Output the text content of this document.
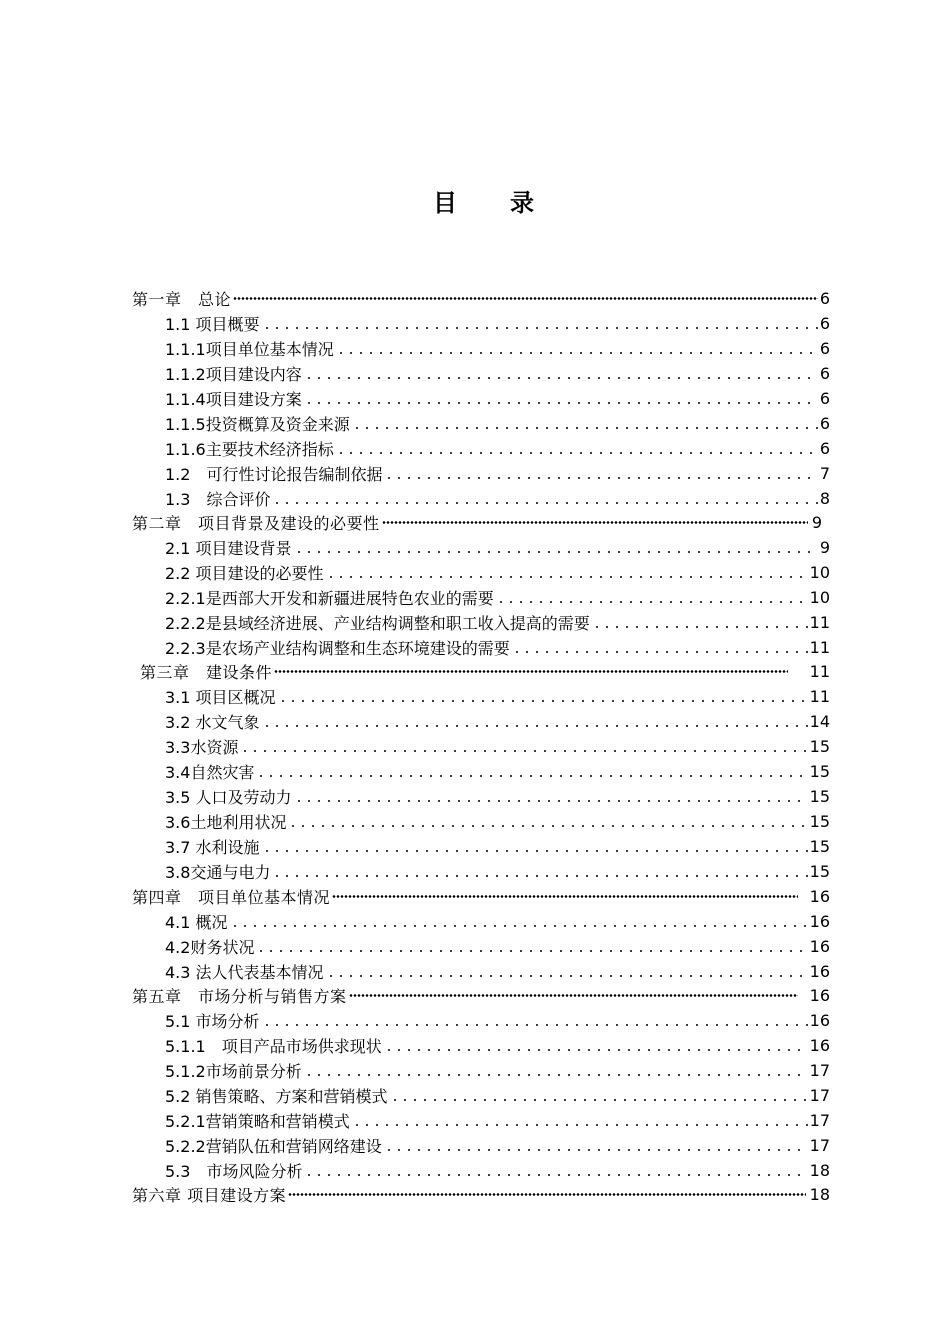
目 录
第一章　总论	6
1.1 项目概要	6
1.1.1项目单位基本情况	6
1.1.2项目建设内容	6
1.1.4项目建设方案	6
1.1.5投资概算及资金来源	6
1.1.6主要技术经济指标	6
1.2　可行性讨论报告编制依据	7
1.3　综合评价	8
第二章　项目背景及建设的必要性	9
2.1 项目建设背景	9
2.2 项目建设的必要性	10
2.2.1是西部大开发和新疆进展特色农业的需要	10
2.2.2是县域经济进展、产业结构调整和职工收入提高的需要	11
2.2.3是农场产业结构调整和生态环境建设的需要	11
第三章　建设条件	11
3.1 项目区概况	11
3.2 水文气象	14
3.3水资源	15
3.4自然灾害	15
3.5 人口及劳动力	15
3.6土地利用状况	15
3.7 水利设施	15
3.8交通与电力	15
第四章　项目单位基本情况	16
4.1 概况	16
4.2财务状况	16
4.3 法人代表基本情况	16
第五章　市场分析与销售方案	16
5.1 市场分析	16
5.1.1　项目产品市场供求现状	16
5.1.2市场前景分析	17
5.2 销售策略、方案和营销模式	17
5.2.1营销策略和营销模式	17
5.2.2营销队伍和营销网络建设	17
5.3　市场风险分析	18
第六章 项目建设方案	18
